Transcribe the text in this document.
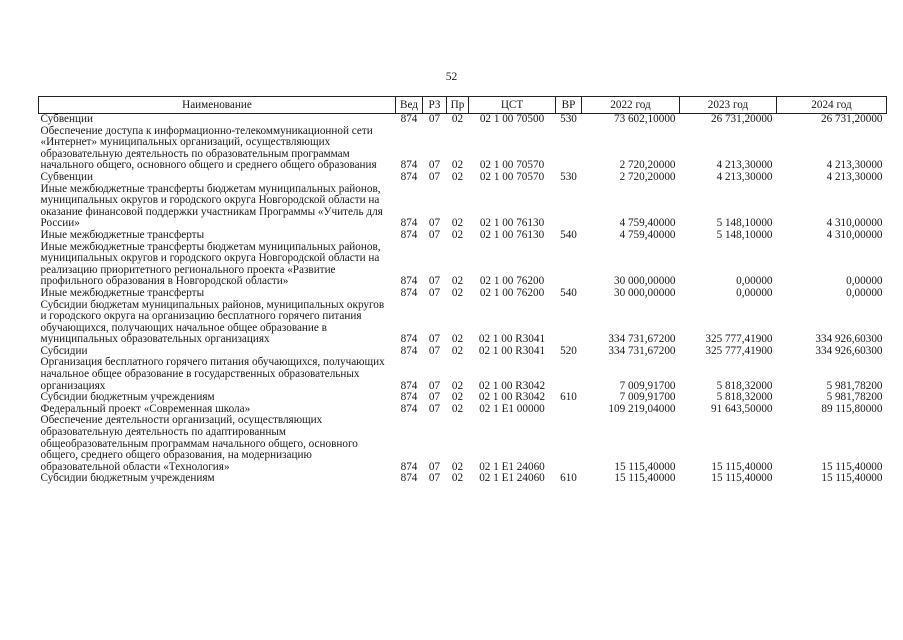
52
Наименование	Вед	РЗ	Пр	ЦСТ	ВР	2022 год	2023 год	2024 год
Субвенции	874	07	02	02 1 00 70500	530	73 602,10000	26 731,20000	26 731,20000
Обеспечение доступа к информационно-телекоммуникационной сети «Интернет» муниципальных организаций, осуществляющих образовательную деятельность по образовательным программам начального общего, основного общего и среднего общего образования	874	07	02	02 1 00 70570		2 720,20000	4 213,30000	4 213,30000
Субвенции	874	07	02	02 1 00 70570	530	2 720,20000	4 213,30000	4 213,30000
Иные межбюджетные трансферты бюджетам муниципальных районов, муниципальных округов и городского округа Новгородской области на оказание финансовой поддержки участникам Программы «Учитель для России»	874	07	02	02 1 00 76130		4 759,40000	5 148,10000	4 310,00000
Иные межбюджетные трансферты	874	07	02	02 1 00 76130	540	4 759,40000	5 148,10000	4 310,00000
Иные межбюджетные трансферты бюджетам муниципальных районов, муниципальных округов и городского округа Новгородской области на реализацию приоритетного регионального проекта «Развитие профильного образования в Новгородской области»	874	07	02	02 1 00 76200		30 000,00000	0,00000	0,00000
Иные межбюджетные трансферты	874	07	02	02 1 00 76200	540	30 000,00000	0,00000	0,00000
Субсидии бюджетам муниципальных районов, муниципальных округов и городского округа на организацию бесплатного горячего питания обучающихся, получающих начальное общее образование в муниципальных образовательных организациях	874	07	02	02 1 00 R3041		334 731,67200	325 777,41900	334 926,60300
Субсидии	874	07	02	02 1 00 R3041	520	334 731,67200	325 777,41900	334 926,60300
Организация бесплатного горячего питания обучающихся, получающих начальное общее образование в государственных образовательных организациях	874	07	02	02 1 00 R3042		7 009,91700	5 818,32000	5 981,78200
Субсидии бюджетным учреждениям	874	07	02	02 1 00 R3042	610	7 009,91700	5 818,32000	5 981,78200
Федеральный проект «Современная школа»	874	07	02	02 1 E1 00000		109 219,04000	91 643,50000	89 115,80000
Обеспечение деятельности организаций, осуществляющих образовательную деятельность по адаптированным общеобразовательным программам начального общего, основного общего, среднего общего образования, на модернизацию образовательной области «Технология»	874	07	02	02 1 E1 24060		15 115,40000	15 115,40000	15 115,40000
Субсидии бюджетным учреждениям	874	07	02	02 1 E1 24060	610	15 115,40000	15 115,40000	15 115,40000
